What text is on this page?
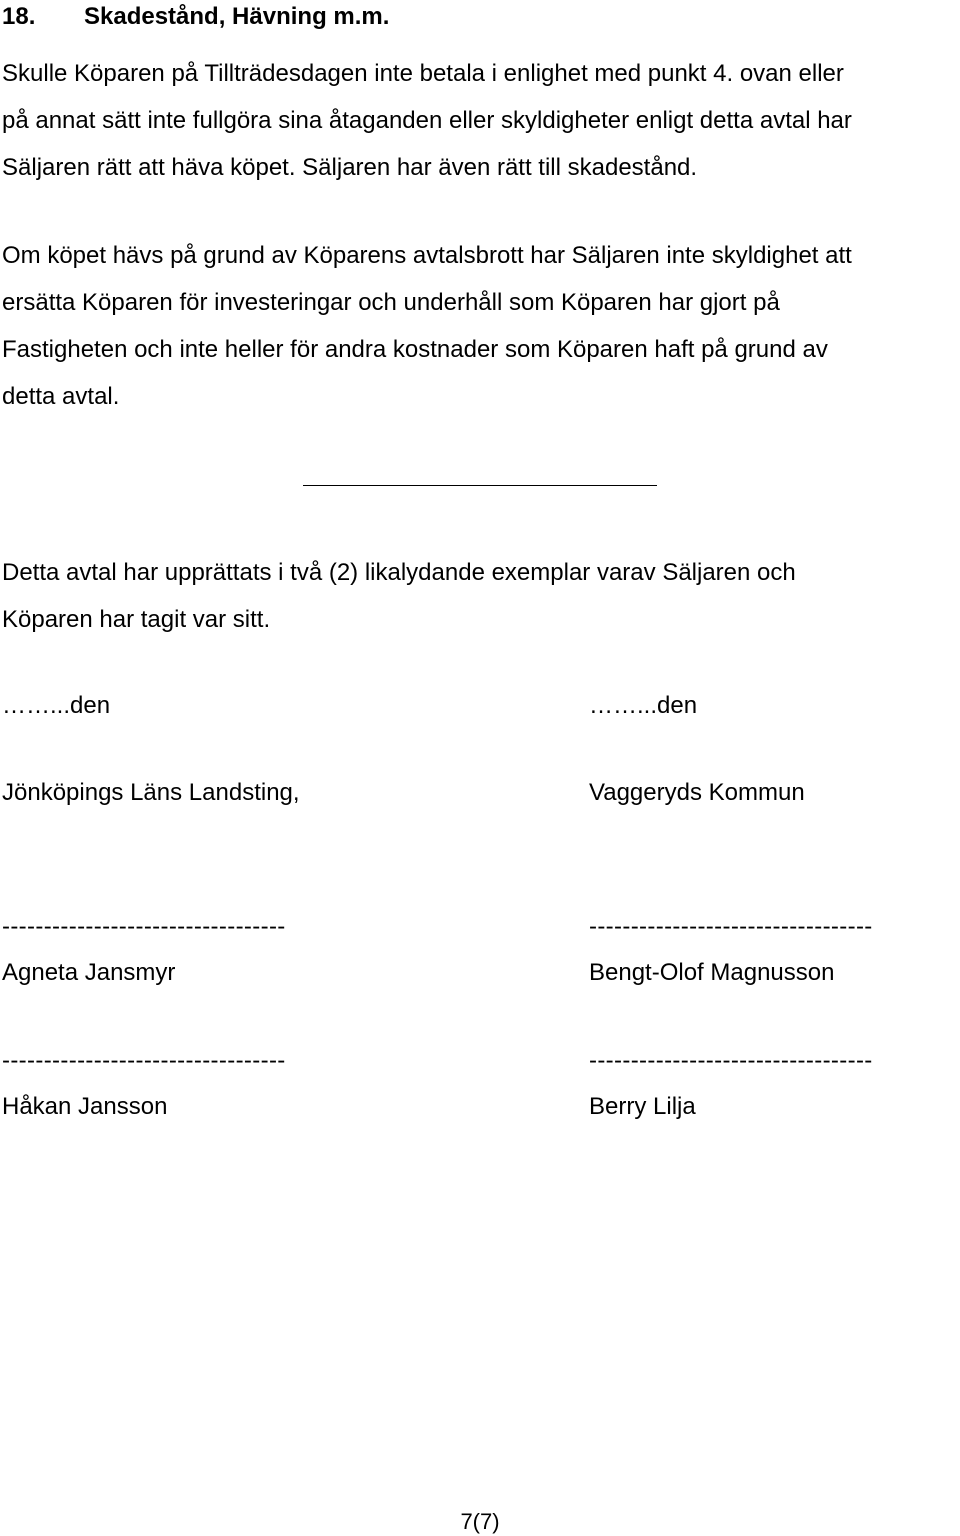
18. Skadestånd, Hävning m.m.
Skulle Köparen på Tillträdesdagen inte betala i enlighet med punkt 4. ovan eller
på annat sätt inte fullgöra sina åtaganden eller skyldigheter enligt detta avtal har
Säljaren rätt att häva köpet. Säljaren har även rätt till skadestånd.
Om köpet hävs på grund av Köparens avtalsbrott har Säljaren inte skyldighet att
ersätta Köparen för investeringar och underhåll som Köparen har gjort på
Fastigheten och inte heller för andra kostnader som Köparen haft på grund av
detta avtal.
Detta avtal har upprättats i två (2) likalydande exemplar varav Säljaren och
Köparen har tagit var sitt.
……...den
Jönköpings Läns Landsting,
----------------------------------
Agneta Jansmyr
----------------------------------
Håkan Jansson
……...den
Vaggeryds Kommun
----------------------------------
Bengt-Olof Magnusson
----------------------------------
Berry Lilja
7(7)
